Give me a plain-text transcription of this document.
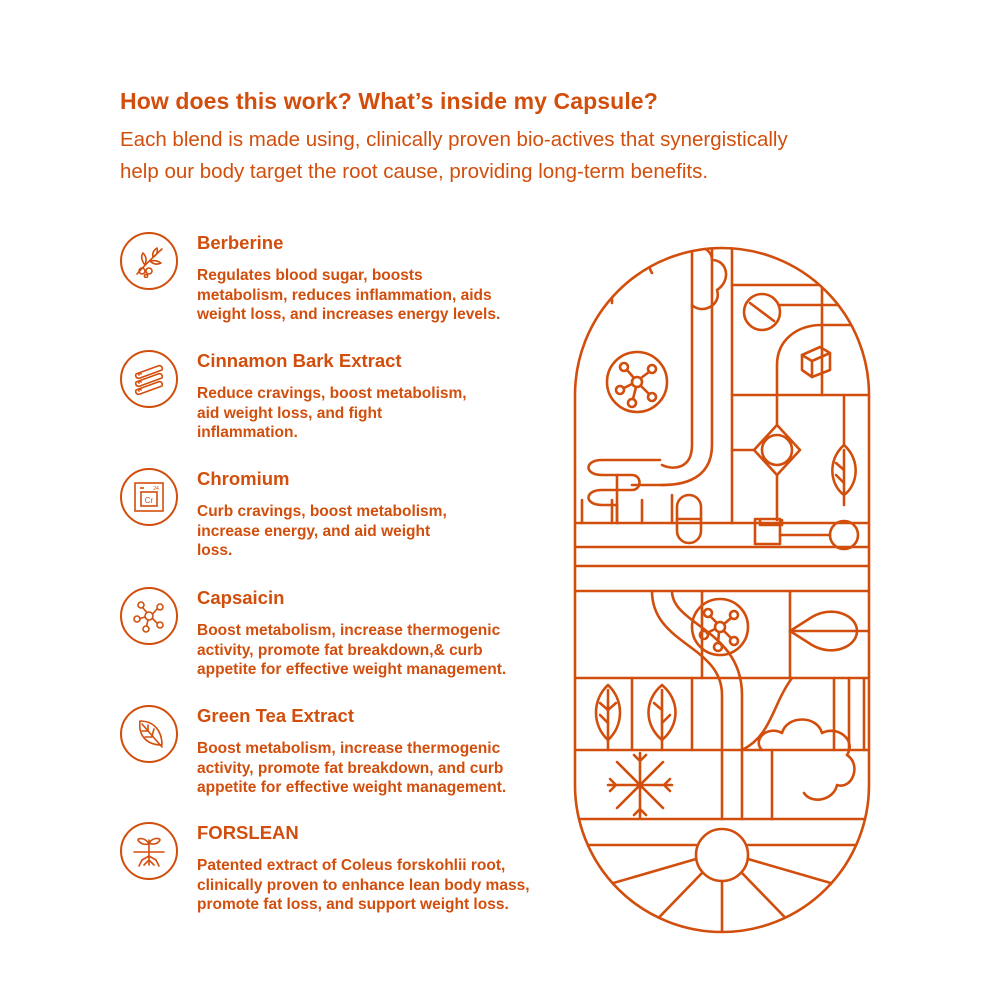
How does this work? What’s inside my Capsule?

Each blend is made using, clinically proven bio-actives that synergistically
help our body target the root cause, providing long-term benefits.

Berberine
Regulates blood sugar, boosts
metabolism, reduces inflammation, aids
weight loss, and increases energy levels.
Cinnamon Bark Extract
Reduce cravings, boost metabolism,
aid weight loss, and fight
inflammation.
Cr
24 Chromium
Curb cravings, boost metabolism,
increase energy, and aid weight
loss.
Capsaicin
Boost metabolism, increase thermogenic
activity, promote fat breakdown,& curb
appetite for effective weight management.
Green Tea Extract
Boost metabolism, increase thermogenic
activity, promote fat breakdown, and curb
appetite for effective weight management.
FORSLEAN
Patented extract of Coleus forskohlii root,
clinically proven to enhance lean body mass,
promote fat loss, and support weight loss.
